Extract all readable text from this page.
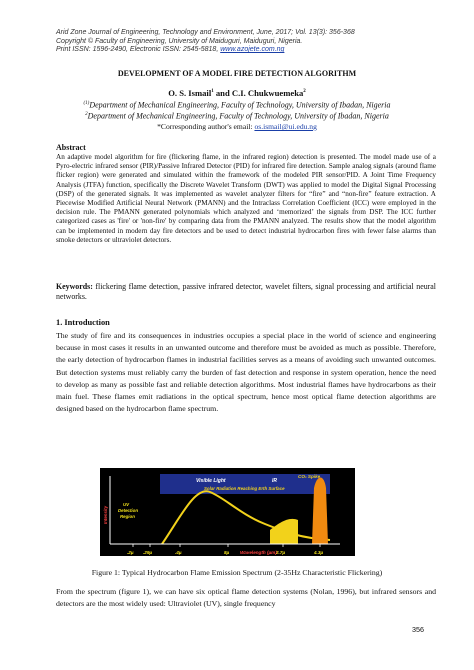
Arid Zone Journal of Engineering, Technology and Environment, June, 2017; Vol. 13(3): 356-368
Copyright © Faculty of Engineering, University of Maiduguri, Maiduguri, Nigeria.
Print ISSN: 1596-2490, Electronic ISSN: 2545-5818, www.azojete.com.ng
DEVELOPMENT OF A MODEL FIRE DETECTION ALGORITHM
O. S. Ismail$^1$ and C.I. Chukwuemeka$^2$
$^{(1)}$Department of Mechanical Engineering, Faculty of Technology, University of Ibadan, Nigeria
$^2$Department of Mechanical Engineering, Faculty of Technology, University of Ibadan, Nigeria
*Corresponding author's email: os.ismail@ui.edu.ng
Abstract
An adaptive model algorithm for fire (flickering flame, in the infrared region) detection is presented. The model made use of a Pyro-electric infrared sensor (PIR)/Passive Infrared Detector (PID) for infrared fire detection. Sample analog signals (around flame flicker region) were generated and simulated within the framework of the modeled PIR sensor/PID. A Joint Time Frequency Analysis (JTFA) function, specifically the Discrete Wavelet Transform (DWT) was applied to model the Digital Signal Processing (DSP) of the generated signals. It was implemented as wavelet analyzer filters for “fire” and “non-fire” feature extraction. A Piecewise Modified Artificial Neural Network (PMANN) and the Intraclass Correlation Coefficient (ICC) were employed in the decision rule. The PMANN generated polynomials which analyzed and ‘memorized’ the signals from DSP. The ICC further categorized cases as 'fire' or 'non-fire' by comparing data from the PMANN analyzed. The results show that the model algorithm can be implemented in modern day fire detectors and be used to detect industrial hydrocarbon fires with fewer false alarms than smoke detectors or ultraviolet detectors.
Keywords: flickering flame detection, passive infrared detector, wavelet filters, signal processing and artificial neural networks.
1. Introduction
The study of fire and its consequences in industries occupies a special place in the world of science and engineering because in most cases it results in an unwanted outcome and therefore must be avoided as much as possible. Therefore, the early detection of hydrocarbon flames in industrial facilities serves as a means of avoiding such unwanted outcomes. But detection systems must reliably carry the burden of fast detection and response in system operation, hence the need to develop as many as possible fast and reliable detection algorithms. Most industrial flames have hydrocarbons as their main fuel. These flames emit radiations in the optical spectrum, hence most optical flame detection algorithms are designed based on the hydrocarbon flame spectrum.
Visible Light	IR
CO₂ Spike
Solar Radiation Reaching Erth Surface
Intensity
UV
Detection
Region
.2µ .29µ	.4µ	8µ	2.7µ	4.3µ
Wavelength (µm)
Figure 1: Typical Hydrocarbon Flame Emission Spectrum (2-35Hz Characteristic Flickering)
From the spectrum (figure 1), we can have six optical flame detection systems (Nolan, 1996), but infrared sensors and detectors are the most widely used: Ultraviolet (UV), single frequency
356
